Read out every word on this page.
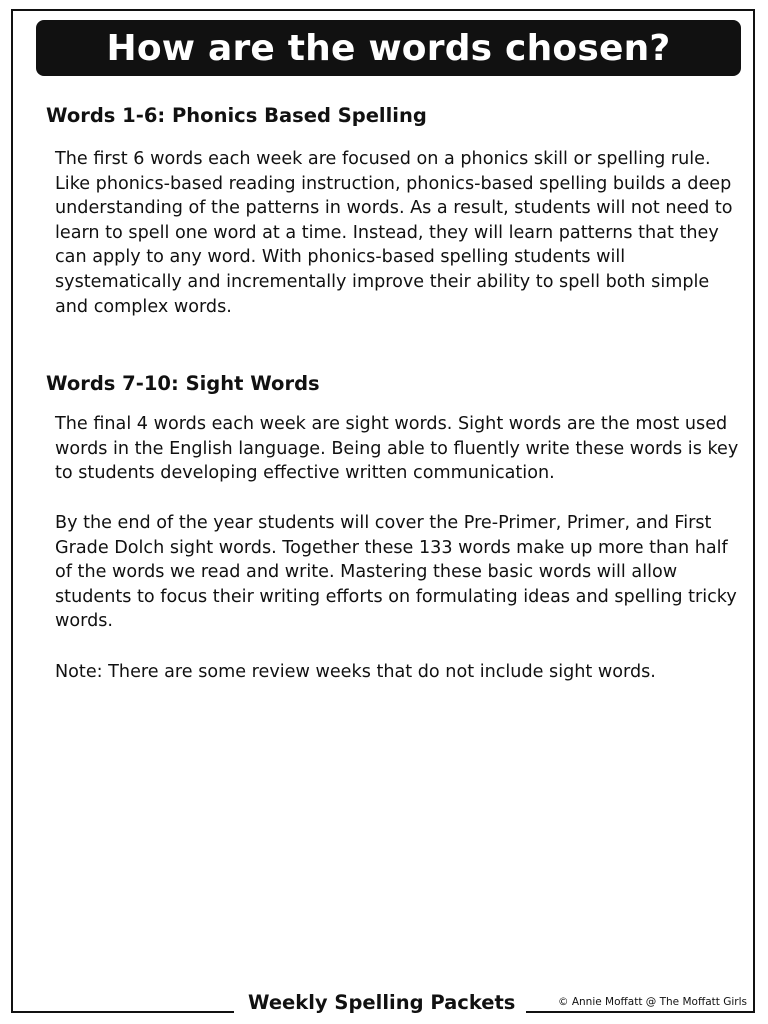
How are the words chosen?
Words 1-6: Phonics Based Spelling

The first 6 words each week are focused on a phonics skill or spelling rule. Like phonics-based reading instruction, phonics-based spelling builds a deep understanding of the patterns in words. As a result, students will not need to learn to spell one word at a time. Instead, they will learn patterns that they can apply to any word. With phonics-based spelling students will systematically and incrementally improve their ability to spell both simple and complex words.

Words 7-10: Sight Words

The final 4 words each week are sight words. Sight words are the most used words in the English language. Being able to fluently write these words is key to students developing effective written communication.

By the end of the year students will cover the Pre-Primer, Primer, and First Grade Dolch sight words. Together these 133 words make up more than half of the words we read and write. Mastering these basic words will allow students to focus their writing efforts on formulating ideas and spelling tricky words.

Note: There are some review weeks that do not include sight words.

Weekly Spelling Packets	© Annie Moffatt @ The Moffatt Girls
